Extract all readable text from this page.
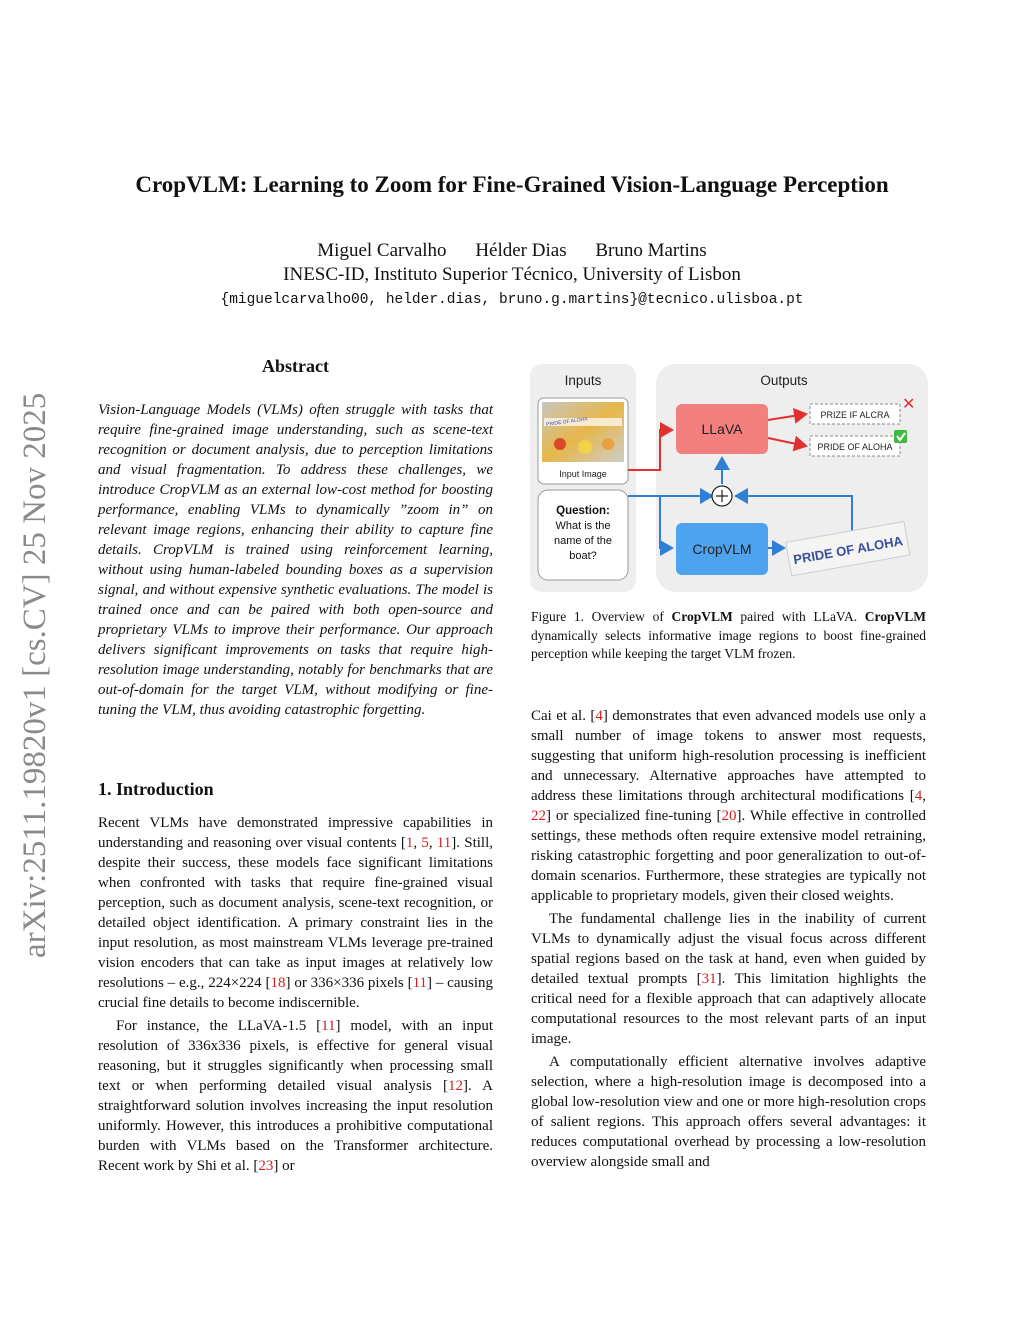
arXiv:2511.19820v1 [cs.CV] 25 Nov 2025
CropVLM: Learning to Zoom for Fine-Grained Vision-Language Perception
Miguel Carvalho Hélder Dias Bruno Martins
INESC-ID, Instituto Superior Técnico, University of Lisbon
{miguelcarvalho00, helder.dias, bruno.g.martins}@tecnico.ulisboa.pt
Abstract
Vision-Language Models (VLMs) often struggle with tasks that require fine-grained image understanding, such as scene-text recognition or document analysis, due to perception limitations and visual fragmentation. To address these challenges, we introduce CropVLM as an external low-cost method for boosting performance, enabling VLMs to dynamically ”zoom in” on relevant image regions, enhancing their ability to capture fine details. CropVLM is trained using reinforcement learning, without using human-labeled bounding boxes as a supervision signal, and without expensive synthetic evaluations. The model is trained once and can be paired with both open-source and proprietary VLMs to improve their performance. Our approach delivers significant improvements on tasks that require high-resolution image understanding, notably for benchmarks that are out-of-domain for the target VLM, without modifying or fine-tuning the VLM, thus avoiding catastrophic forgetting.
1. Introduction

Recent VLMs have demonstrated impressive capabilities in understanding and reasoning over visual contents [1, 5, 11]. Still, despite their success, these models face significant limitations when confronted with tasks that require fine-grained visual perception, such as document analysis, scene-text recognition, or detailed object identification. A primary constraint lies in the input resolution, as most mainstream VLMs leverage pre-trained vision encoders that can take as input images at relatively low resolutions – e.g., 224×224 [18] or 336×336 pixels [11] – causing crucial fine details to become indiscernible.

For instance, the LLaVA-1.5 [11] model, with an input resolution of 336x336 pixels, is effective for general visual reasoning, but it struggles significantly when processing small text or when performing detailed visual analysis [12]. A straightforward solution involves increasing the input resolution uniformly. However, this introduces a prohibitive computational burden with VLMs based on the Transformer architecture. Recent work by Shi et al. [23] or

Inputs
PRIDE OF ALOHA
Input Image
Question:
What is the
name of the
boat?
Outputs
LLaVA
CropVLM	PRIDE OF ALOHA
PRIZE IF ALCRA
✕
PRIDE OF ALOHA
Figure 1. Overview of CropVLM paired with LLaVA. CropVLM dynamically selects informative image regions to boost fine-grained perception while keeping the target VLM frozen.

Cai et al. [4] demonstrates that even advanced models use only a small number of image tokens to answer most requests, suggesting that uniform high-resolution processing is inefficient and unnecessary. Alternative approaches have attempted to address these limitations through architectural modifications [4, 22] or specialized fine-tuning [20]. While effective in controlled settings, these methods often require extensive model retraining, risking catastrophic forgetting and poor generalization to out-of-domain scenarios. Furthermore, these strategies are typically not applicable to proprietary models, given their closed weights.

The fundamental challenge lies in the inability of current VLMs to dynamically adjust the visual focus across different spatial regions based on the task at hand, even when guided by detailed textual prompts [31]. This limitation highlights the critical need for a flexible approach that can adaptively allocate computational resources to the most relevant parts of an input image.

A computationally efficient alternative involves adaptive selection, where a high-resolution image is decomposed into a global low-resolution view and one or more high-resolution crops of salient regions. This approach offers several advantages: it reduces computational overhead by processing a low-resolution overview alongside small and
